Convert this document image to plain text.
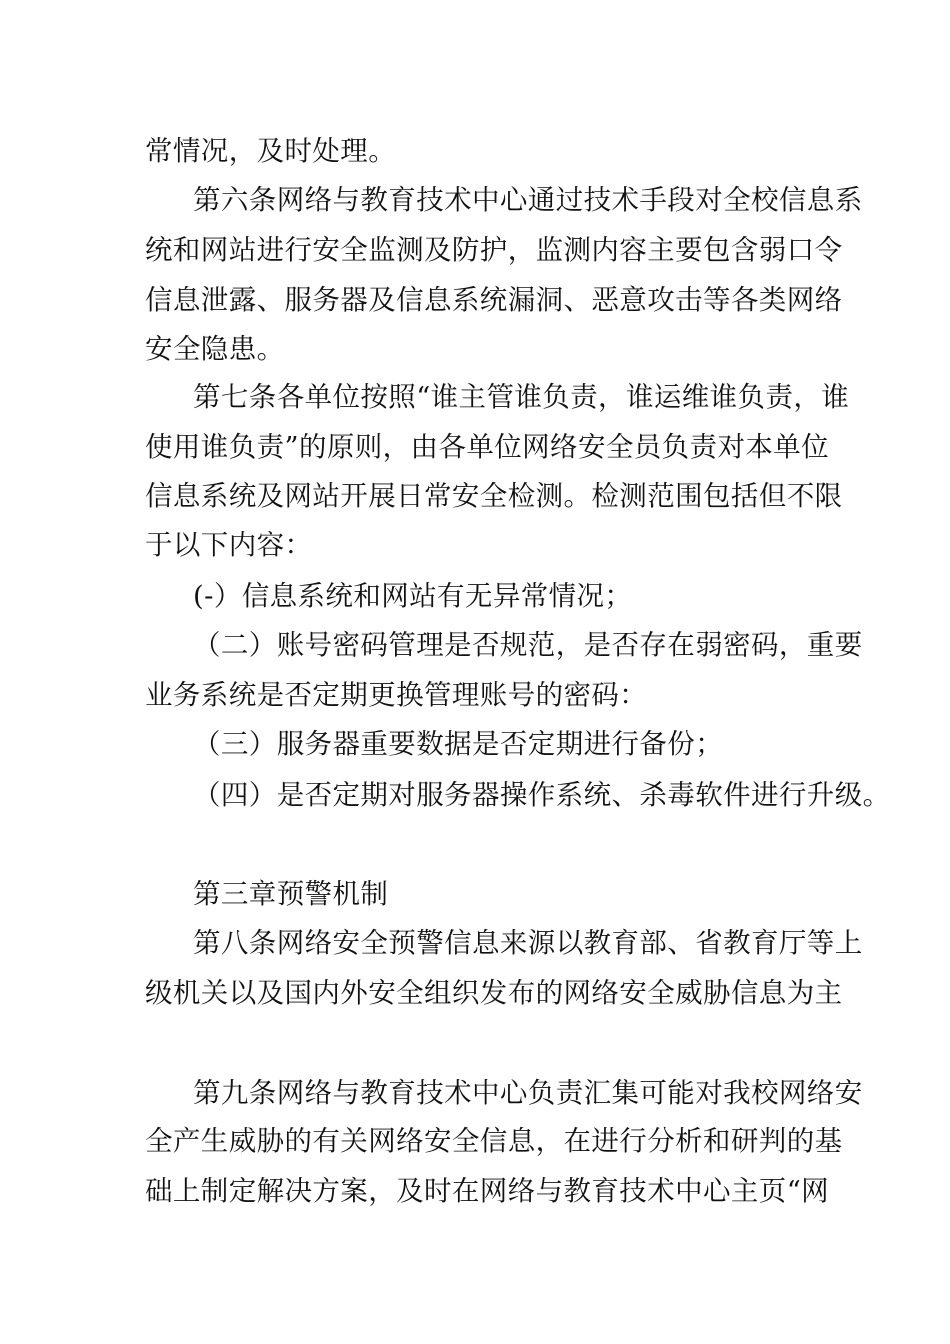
常情况，及时处理。
第六条网络与教育技术中心通过技术手段对全校信息系
统和网站进行安全监测及防护，监测内容主要包含弱口令
信息泄露、服务器及信息系统漏洞、恶意攻击等各类网络
安全隐患。
第七条各单位按照“谁主管谁负责，谁运维谁负责，谁
使用谁负责”的原则，由各单位网络安全员负责对本单位
信息系统及网站开展日常安全检测。检测范围包括但不限
于以下内容：
(-）信息系统和网站有无异常情况；
（二）账号密码管理是否规范，是否存在弱密码，重要
业务系统是否定期更换管理账号的密码：
（三）服务器重要数据是否定期进行备份；
（四）是否定期对服务器操作系统、杀毒软件进行升级。
第三章预警机制
第八条网络安全预警信息来源以教育部、省教育厅等上
级机关以及国内外安全组织发布的网络安全威胁信息为主
第九条网络与教育技术中心负责汇集可能对我校网络安
全产生威胁的有关网络安全信息，在进行分析和研判的基
础上制定解决方案，及时在网络与教育技术中心主页“网
